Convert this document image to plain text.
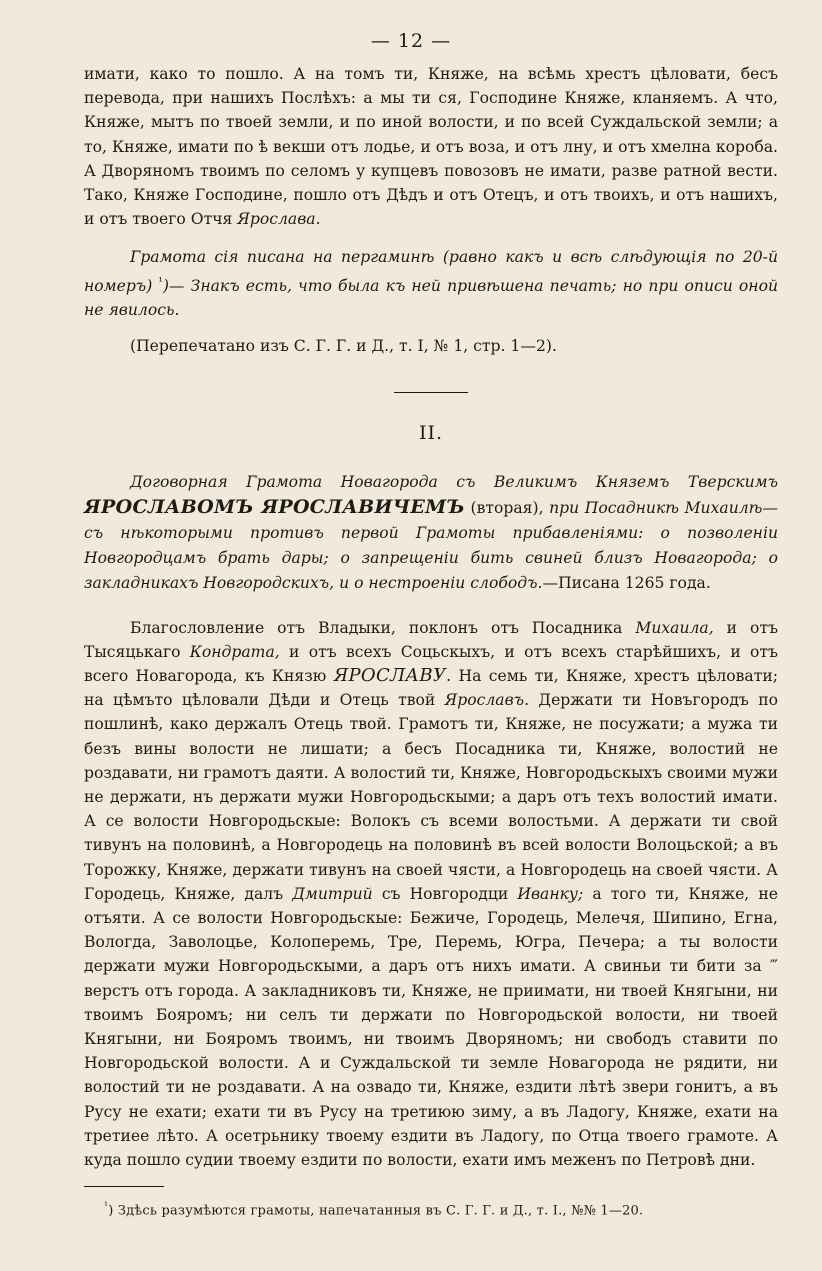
— 12 —

имати, како то пошло. А на томъ ти, Княже, на всѣмь хрестъ цѣловати, бесъ перевода, при нашихъ Послѣхъ: а мы ти ся, Господине Княже, кланяемъ. А что, Княже, мытъ по твоей земли, и по иной волости, и по всей Суждальской земли; а то, Княже, имати по ѣ векши отъ лодье, и отъ воза, и отъ лну, и отъ хмелна короба. А Дворяномъ твоимъ по селомъ у купцевъ повозовъ не имати, разве ратной вести. Тако, Княже Господине, пошло отъ Дѣдъ и отъ Отецъ, и отъ твоихъ, и отъ нашихъ, и отъ твоего Отчя Ярослава.

Грамота сія писана на пергаминѣ (равно какъ и всѣ слѣдующія по 20-й номеръ) $^{^1}$)— Знакъ есть, что была къ ней привѣшена печать; но при описи оной не явилось.

(Перепечатано изъ С. Г. Г. и Д., т. I, № 1, стр. 1—2).

II.

Договорная Грамота Новагорода съ Великимъ Княземъ Тверскимъ ЯРОСЛАВОМЪ ЯРОСЛАВИЧЕМЪ (вторая), при Посадникѣ Михаилѣ—съ нѣкоторыми противъ первой Грамоты прибавленіями: о позволеніи Новгородцамъ брать дары; о запрещеніи бить свиней близъ Новагорода; о закладникахъ Новгородскихъ, и о нестроеніи слободъ.—Писана 1265 года.

Благословление отъ Владыки, поклонъ отъ Посадника Михаила, и отъ Тысяцькаго Кондрата, и отъ всехъ Соцьскыхъ, и отъ всехъ старѣйшихъ, и отъ всего Новагорода, къ Князю ЯРОСЛАВУ. На семь ти, Княже, хрестъ цѣловати; на цѣмъто цѣловали Дѣди и Отець твой Ярославъ. Держати ти Новъгородъ по пошлинѣ, како держалъ Отець твой. Грамотъ ти, Княже, не посужати; а мужа ти безъ вины волости не лишати; а бесъ Посадника ти, Княже, волостий не роздавати, ни грамотъ даяти. А волостий ти, Княже, Новгородьскыхъ своими мужи не держати, нъ держати мужи Новгородьскыми; а даръ отъ техъ волостий имати. А се волости Новгородьскые: Волокъ съ всеми волостьми. А держати ти свой тивунъ на половинѣ, а Новгородець на половинѣ въ всей волости Волоцьской; а въ Торожку, Княже, держати тивунъ на своей чясти, а Новгородець на своей чясти. А Городець, Княже, далъ Дмитрий съ Новгородци Иванку; а того ти, Княже, не отъяти. А се волости Новгородьскые: Бежиче, Городець, Мелечя, Шипино, Егна, Вологда, Заволоцье, Колоперемь, Тре, Перемь, Югра, Печера; а ты волости держати мужи Новгородьскыми, а даръ отъ нихъ имати. А свиньи ти бити за ‴ верстъ отъ города. А закладниковъ ти, Княже, не приимати, ни твоей Княгыни, ни твоимъ Бояромъ; ни селъ ти держати по Новгородьской волости, ни твоей Княгыни, ни Бояромъ твоимъ, ни твоимъ Дворяномъ; ни свободъ ставити по Новгородьской волости. А и Суждальской ти земле Новагорода не рядити, ни волостий ти не роздавати. А на озвадо ти, Княже, ездити лѣтѣ звери гонитъ, а въ Русу не ехати; ехати ти въ Русу на третиюю зиму, а въ Ладогу, Княже, ехати на третиее лѣто. А осетрьнику твоему ездити въ Ладогу, по Отца твоего грамоте. А куда пошло судии твоему ездити по волости, ехати имъ меженъ по Петровѣ дни.

$^{^1}$) Здѣсь разумѣются грамоты, напечатанныя въ С. Г. Г. и Д., т. I., №№ 1—20.
